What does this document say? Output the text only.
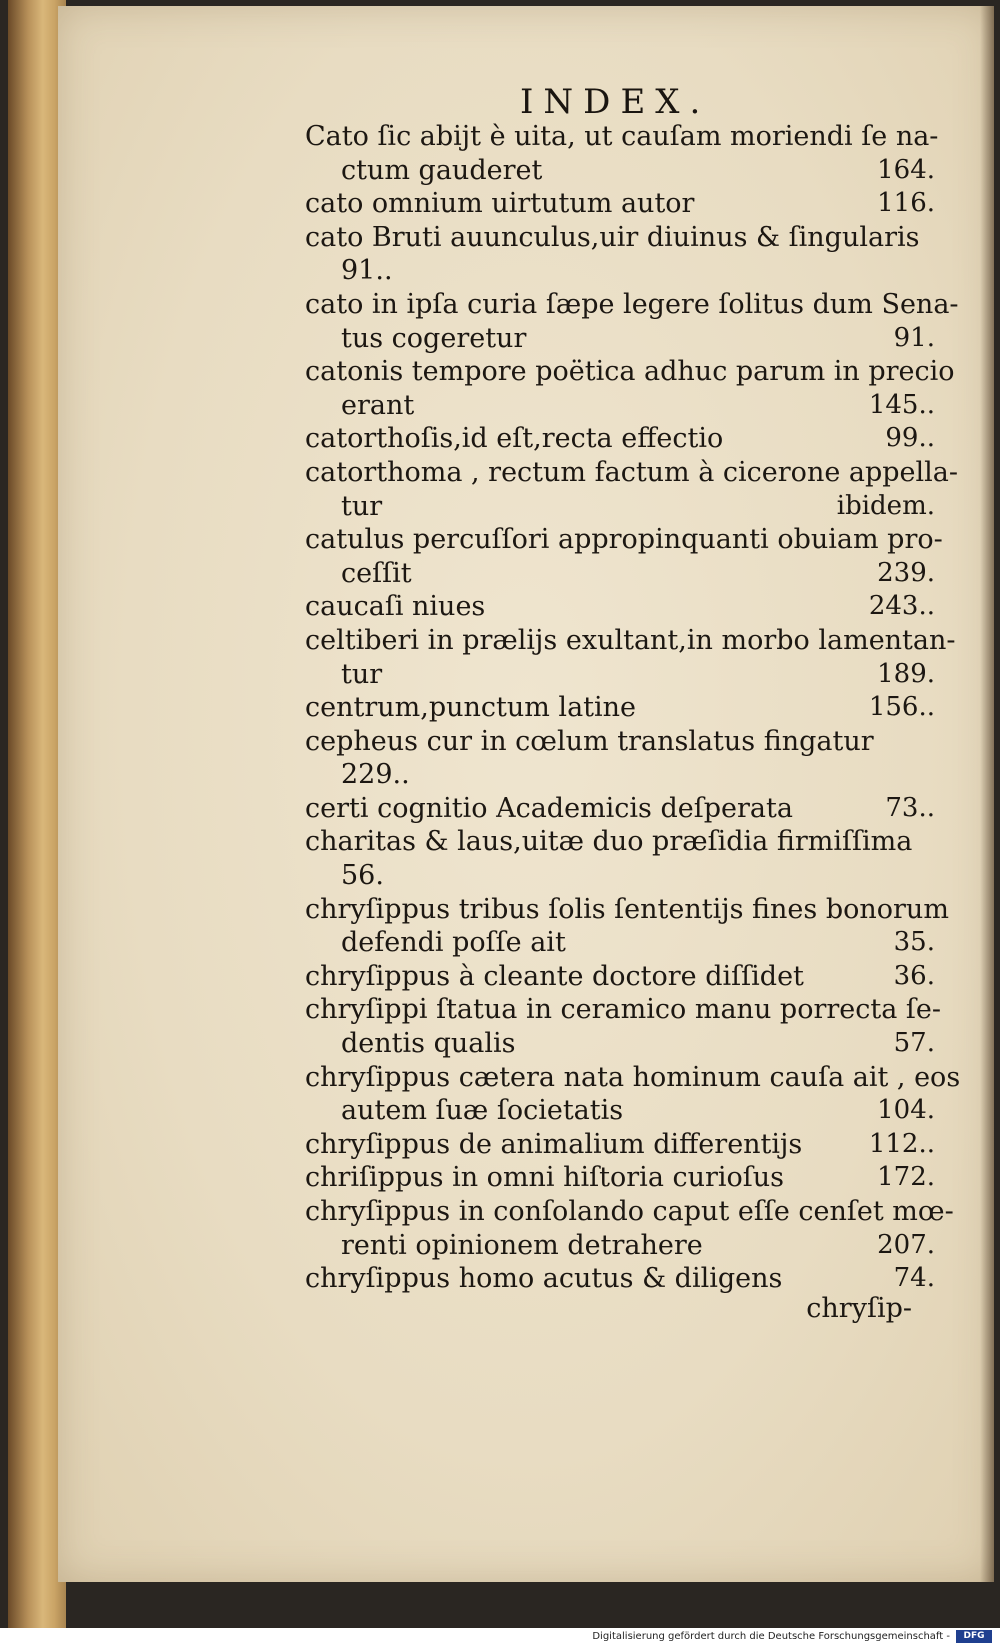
INDEX.
Cato ſic abijt è uita, ut cauſam moriendi ſe na-
ctum gauderet	164.
cato omnium uirtutum autor	116.
cato Bruti auunculus,uir diuinus & ſingularis
91..
cato in ipſa curia ſæpe legere ſolitus dum Sena-
tus cogeretur	91.
catonis tempore poëtica adhuc parum in precio
erant	145..
catorthoſis,id eſt,recta effectio	99..
catorthoma , rectum factum à cicerone appella-
tur	ibidem.
catulus percuſſori appropinquanti obuiam pro-
ceſſit	239.
caucaſi niues	243..
celtiberi in prælijs exultant,in morbo lamentan-
tur	189.
centrum,punctum latine	156..
cepheus cur in cœlum translatus fingatur
229..
certi cognitio Academicis deſperata	73..
charitas & laus,uitæ duo præſidia firmiſſima
56.
chryſippus tribus ſolis ſententijs fines bonorum
defendi poſſe ait	35.
chryſippus à cleante doctore diſſidet	36.
chryſippi ſtatua in ceramico manu porrecta ſe-
dentis qualis	57.
chryſippus cætera nata hominum cauſa ait , eos
autem ſuæ ſocietatis	104.
chryſippus de animalium differentijs	112..
chriſippus in omni hiſtoria curioſus	172.
chryſippus in conſolando caput eſſe cenſet mœ-
renti opinionem detrahere	207.
chryſippus homo acutus & diligens	74.
chryſip-
Digitalisierung gefördert durch die Deutsche Forschungsgemeinschaft -	DFG
